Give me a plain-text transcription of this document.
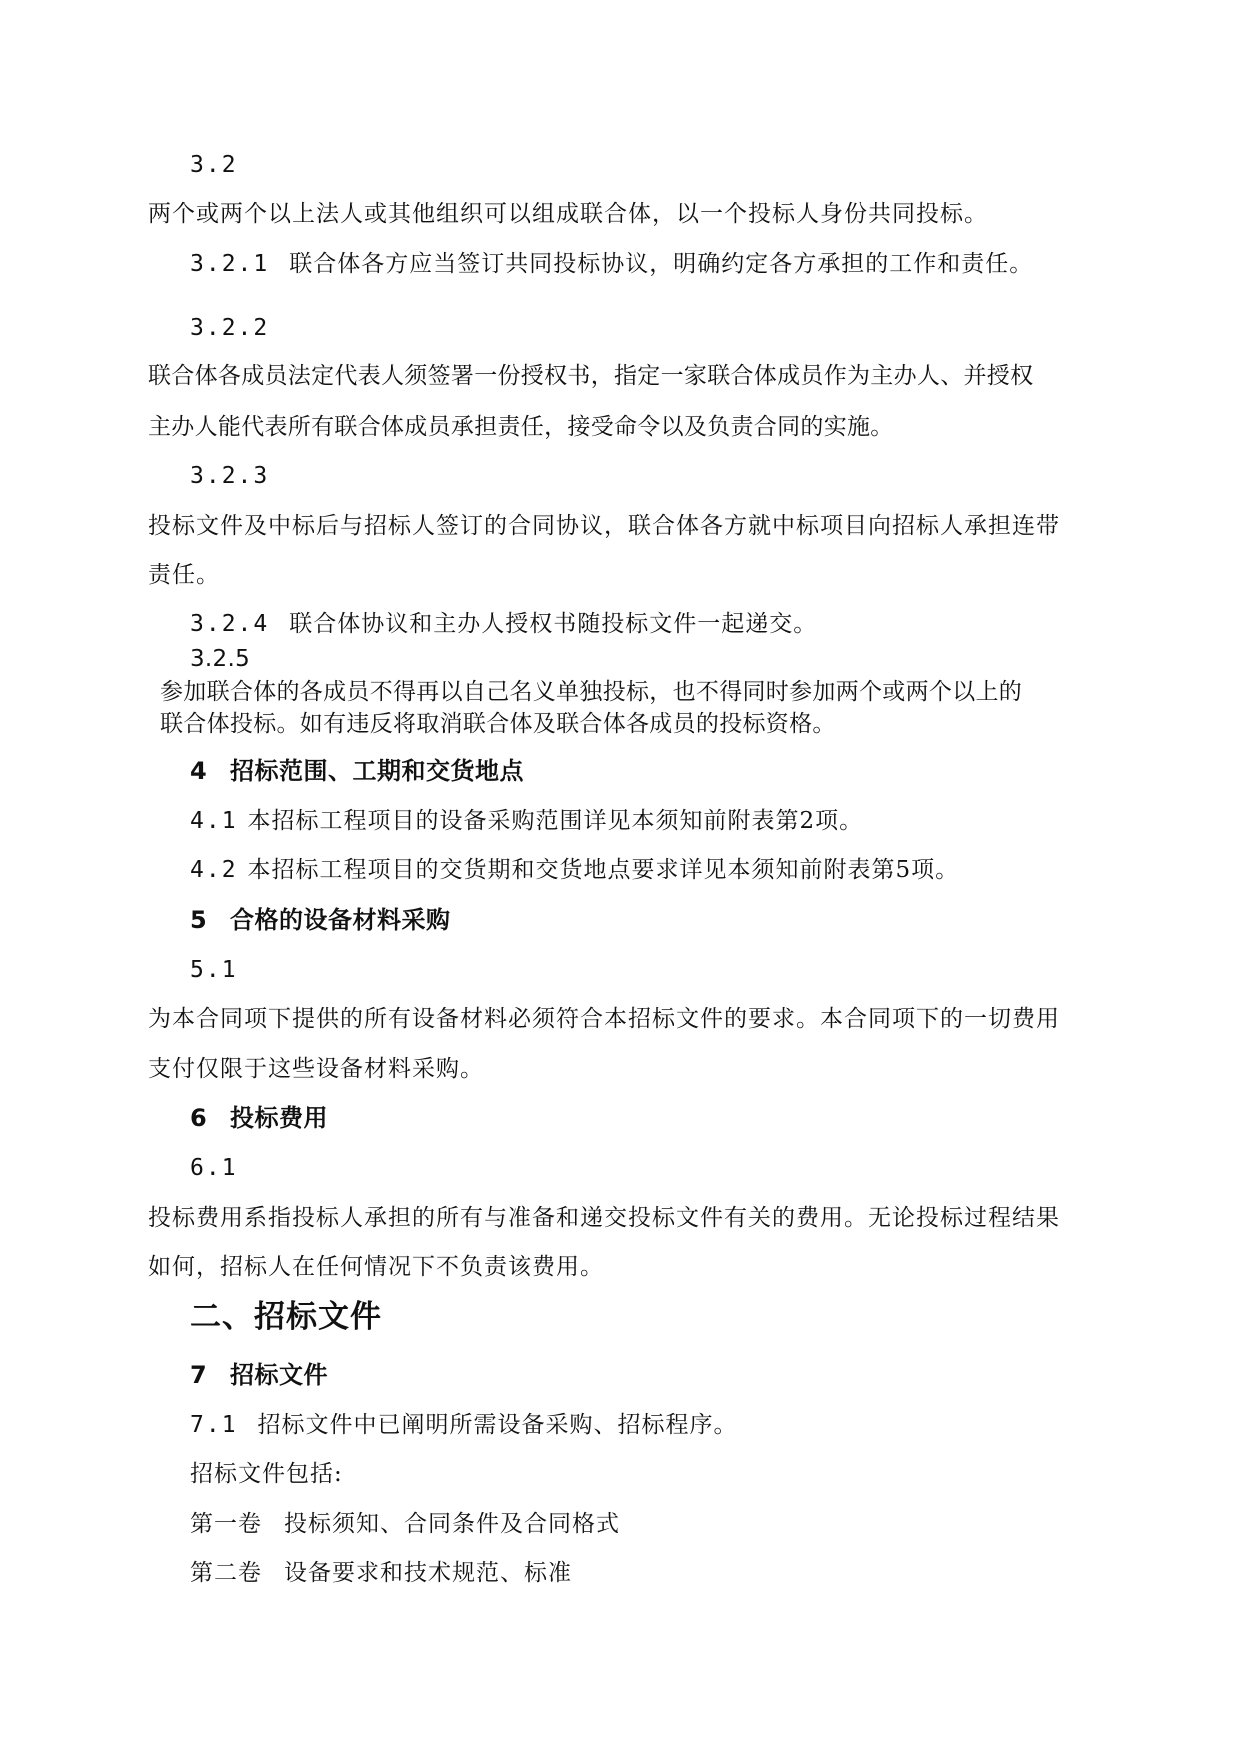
3.2
两个或两个以上法人或其他组织可以组成联合体，以一个投标人身份共同投标。
3.2.1 联合体各方应当签订共同投标协议，明确约定各方承担的工作和责任。
3.2.2
联合体各成员法定代表人须签署一份授权书，指定一家联合体成员作为主办人、并授权
主办人能代表所有联合体成员承担责任，接受命令以及负责合同的实施。
3.2.3
投标文件及中标后与招标人签订的合同协议，联合体各方就中标项目向招标人承担连带
责任。
3.2.4 联合体协议和主办人授权书随投标文件一起递交。
3.2.5
参加联合体的各成员不得再以自己名义单独投标，也不得同时参加两个或两个以上的
联合体投标。如有违反将取消联合体及联合体各成员的投标资格。
4 招标范围、工期和交货地点
4.1 本招标工程项目的设备采购范围详见本须知前附表第2项。
4.2 本招标工程项目的交货期和交货地点要求详见本须知前附表第5项。
5 合格的设备材料采购
5.1
为本合同项下提供的所有设备材料必须符合本招标文件的要求。本合同项下的一切费用
支付仅限于这些设备材料采购。
6 投标费用
6.1
投标费用系指投标人承担的所有与准备和递交投标文件有关的费用。无论投标过程结果
如何，招标人在任何情况下不负责该费用。
二、招标文件
7 招标文件
7.1 招标文件中已阐明所需设备采购、招标程序。
招标文件包括:
第一卷 投标须知、合同条件及合同格式
第二卷 设备要求和技术规范、标准
